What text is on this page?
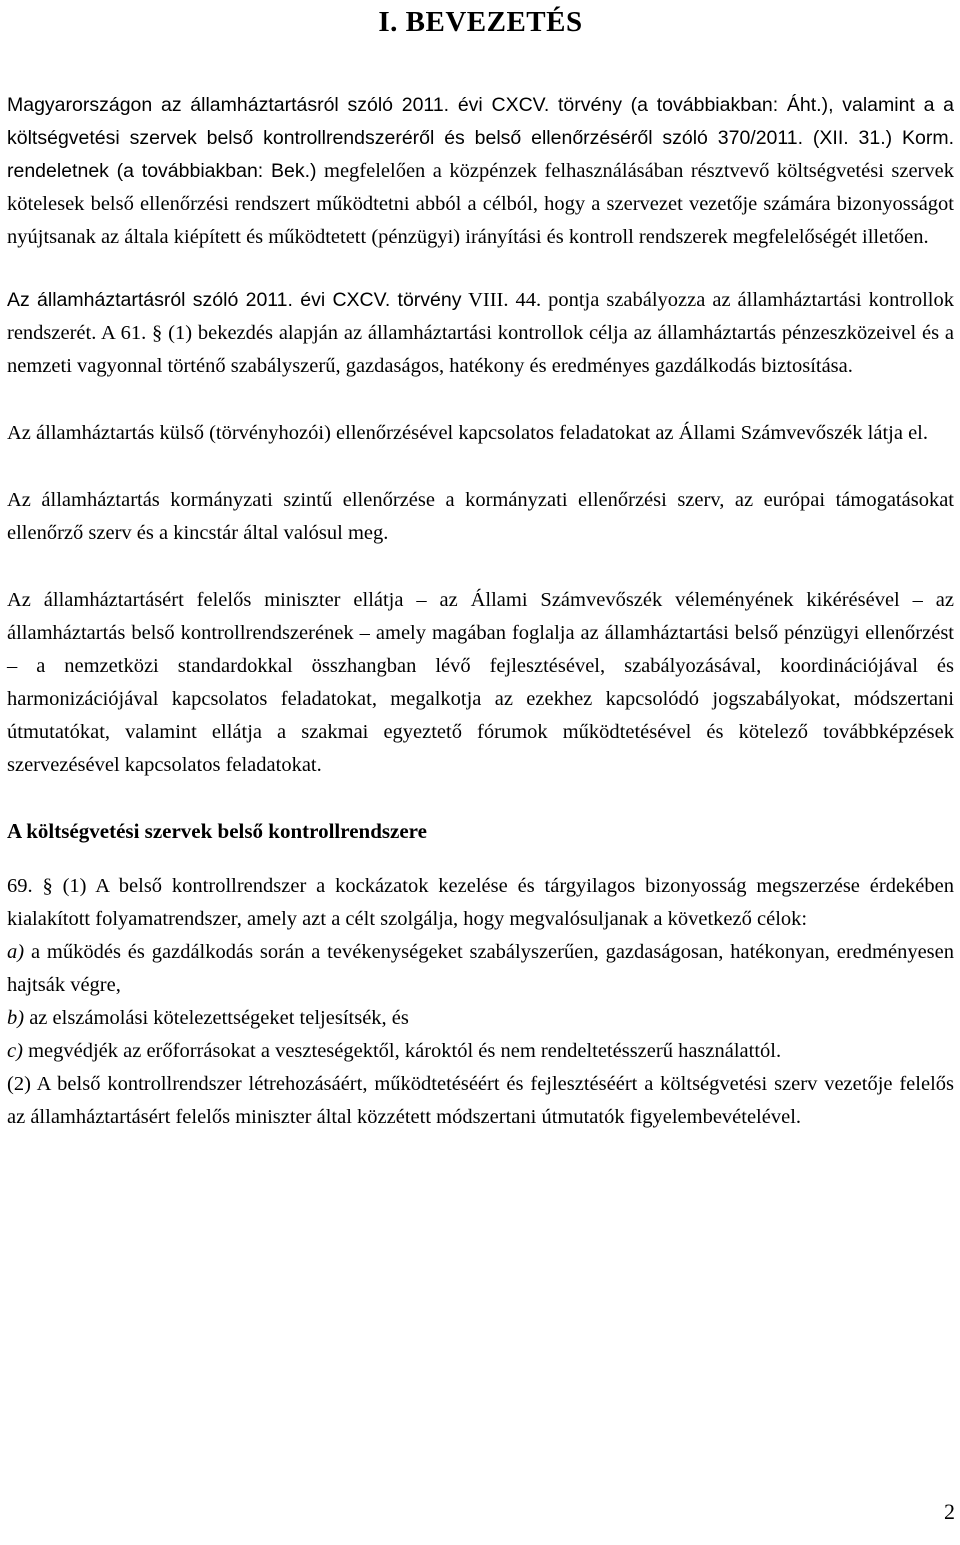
I. BEVEZETÉS

Magyarországon az államháztartásról szóló 2011. évi CXCV. törvény (a továbbiakban: Áht.), valamint a a költségvetési szervek belső kontrollrendszeréről és belső ellenőrzéséről szóló 370/2011. (XII. 31.) Korm. rendeletnek (a továbbiakban: Bek.) megfelelően a közpénzek felhasználásában résztvevő költségvetési szervek kötelesek belső ellenőrzési rendszert működtetni abból a célból, hogy a szervezet vezetője számára bizonyosságot nyújtsanak az általa kiépített és működtetett (pénzügyi) irányítási és kontroll rendszerek megfelelőségét illetően.

Az államháztartásról szóló 2011. évi CXCV. törvény VIII. 44. pontja szabályozza az államháztartási kontrollok rendszerét. A 61. § (1) bekezdés alapján az államháztartási kontrollok célja az államháztartás pénzeszközeivel és a nemzeti vagyonnal történő szabályszerű, gazdaságos, hatékony és eredményes gazdálkodás biztosítása.

Az államháztartás külső (törvényhozói) ellenőrzésével kapcsolatos feladatokat az Állami Számvevőszék látja el.

Az államháztartás kormányzati szintű ellenőrzése a kormányzati ellenőrzési szerv, az európai támogatásokat ellenőrző szerv és a kincstár által valósul meg.

Az államháztartásért felelős miniszter ellátja – az Állami Számvevőszék véleményének kikérésével – az államháztartás belső kontrollrendszerének – amely magában foglalja az államháztartási belső pénzügyi ellenőrzést – a nemzetközi standardokkal összhangban lévő fejlesztésével, szabályozásával, koordinációjával és harmonizációjával kapcsolatos feladatokat, megalkotja az ezekhez kapcsolódó jogszabályokat, módszertani útmutatókat, valamint ellátja a szakmai egyeztető fórumok működtetésével és kötelező továbbképzések szervezésével kapcsolatos feladatokat.

A költségvetési szervek belső kontrollrendszere

69. § (1) A belső kontrollrendszer a kockázatok kezelése és tárgyilagos bizonyosság megszerzése érdekében kialakított folyamatrendszer, amely azt a célt szolgálja, hogy megvalósuljanak a következő célok:

a) a működés és gazdálkodás során a tevékenységeket szabályszerűen, gazdaságosan, hatékonyan, eredményesen hajtsák végre,

b) az elszámolási kötelezettségeket teljesítsék, és

c) megvédjék az erőforrásokat a veszteségektől, károktól és nem rendeltetésszerű használattól.

(2) A belső kontrollrendszer létrehozásáért, működtetéséért és fejlesztéséért a költségvetési szerv vezetője felelős az államháztartásért felelős miniszter által közzétett módszertani útmutatók figyelembevételével.

2
